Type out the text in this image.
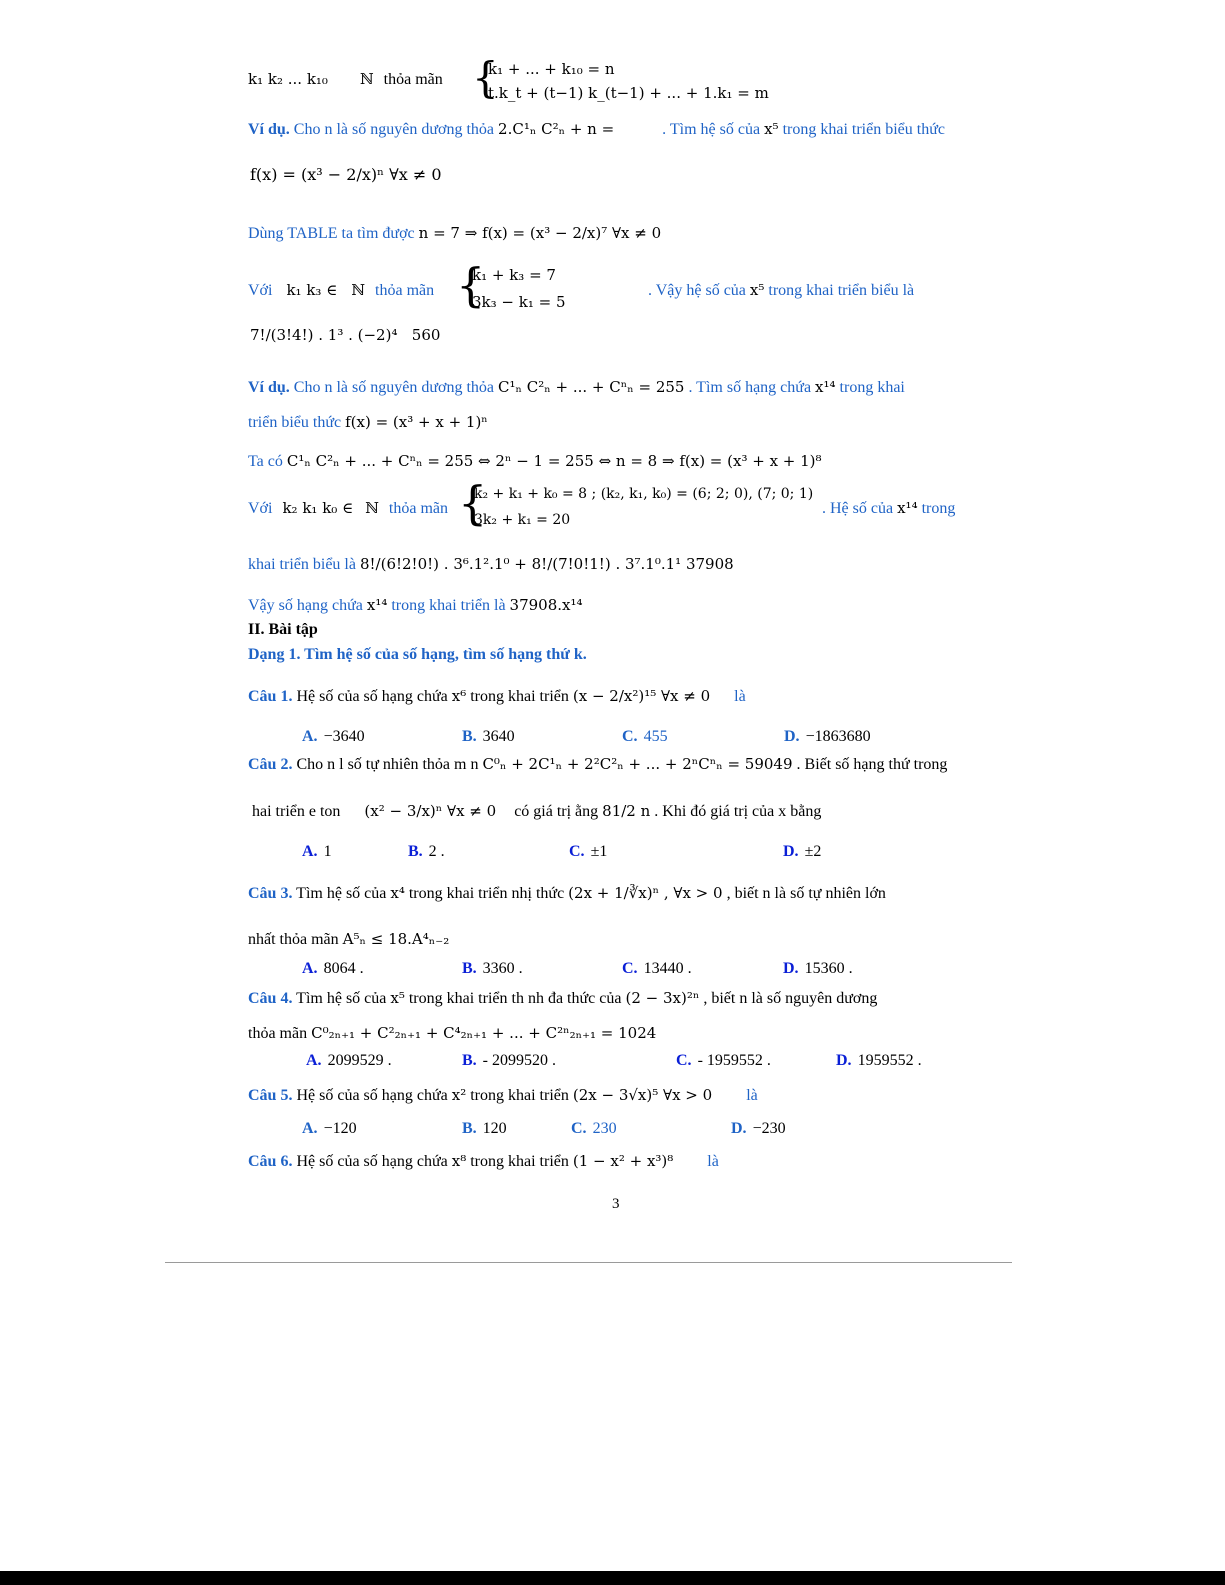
k₁ k₂ ... k₁₀ ℕ thỏa mãn {
k₁ + ... + k₁₀ = n
t.k_t + (t−1) k_(t−1) + ... + 1.k₁ = m
Ví dụ. Cho n là số nguyên dương thỏa 2.C¹ₙ C²ₙ + n =	. Tìm hệ số của x⁵ trong khai triển biểu thức
f(x) = (x³ − 2/x)ⁿ ∀x ≠ 0
Dùng TABLE ta tìm được n = 7 ⇒ f(x) = (x³ − 2/x)⁷ ∀x ≠ 0
Với k₁ k₃ ∈ ℕ thỏa mãn {
k₁ + k₃ = 7
3k₃ − k₁ = 5
. Vậy hệ số của x⁵ trong khai triển biểu là
7!/(3!4!) . 1³ . (−2)⁴   560
Ví dụ. Cho n là số nguyên dương thỏa C¹ₙ C²ₙ + ... + Cⁿₙ = 255 . Tìm số hạng chứa x¹⁴ trong khai
triển biểu thức f(x) = (x³ + x + 1)ⁿ
Ta có C¹ₙ C²ₙ + ... + Cⁿₙ = 255 ⇔ 2ⁿ − 1 = 255 ⇔ n = 8 ⇒ f(x) = (x³ + x + 1)⁸
Với k₂ k₁ k₀ ∈ ℕ thỏa mãn {
k₂ + k₁ + k₀ = 8 ; (k₂, k₁, k₀) = (6; 2; 0), (7; 0; 1)
3k₂ + k₁ = 20
. Hệ số của x¹⁴ trong
khai triển biểu là 8!/(6!2!0!) . 3⁶.1².1⁰ + 8!/(7!0!1!) . 3⁷.1⁰.1¹ 37908
Vậy số hạng chứa x¹⁴ trong khai triển là 37908.x¹⁴
II. Bài tập
Dạng 1. Tìm hệ số của số hạng, tìm số hạng thứ k.
Câu 1. Hệ số của số hạng chứa x⁶ trong khai triển (x − 2/x²)¹⁵ ∀x ≠ 0 là
A. −3640	B. 3640	C. 455	D. −1863680
Câu 2. Cho n l số tự nhiên thỏa m n C⁰ₙ + 2C¹ₙ + 2²C²ₙ + ... + 2ⁿCⁿₙ = 59049 . Biết số hạng thứ trong
hai triển e ton (x² − 3/x)ⁿ ∀x ≠ 0 có giá trị ằng 81/2 n . Khi đó giá trị của x bằng
A. 1	B. 2 .	C. ±1	D. ±2
Câu 3. Tìm hệ số của x⁴ trong khai triển nhị thức (2x + 1/∛x)ⁿ , ∀x > 0 , biết n là số tự nhiên lớn
nhất thỏa mãn A⁵ₙ ≤ 18.A⁴ₙ₋₂
A. 8064 .	B. 3360 .	C. 13440 .	D. 15360 .
Câu 4. Tìm hệ số của x⁵ trong khai triển th nh đa thức của (2 − 3x)²ⁿ , biết n là số nguyên dương
thỏa mãn C⁰₂ₙ₊₁ + C²₂ₙ₊₁ + C⁴₂ₙ₊₁ + ... + C²ⁿ₂ₙ₊₁ = 1024
A. 2099529 .	B. - 2099520 .	C. - 1959552 .	D. 1959552 .
Câu 5. Hệ số của số hạng chứa x² trong khai triển (2x − 3√x)⁵ ∀x > 0 là
A. −120	B. 120	C. 230	D. −230
Câu 6. Hệ số của số hạng chứa x⁸ trong khai triển (1 − x² + x³)⁸ là
3
